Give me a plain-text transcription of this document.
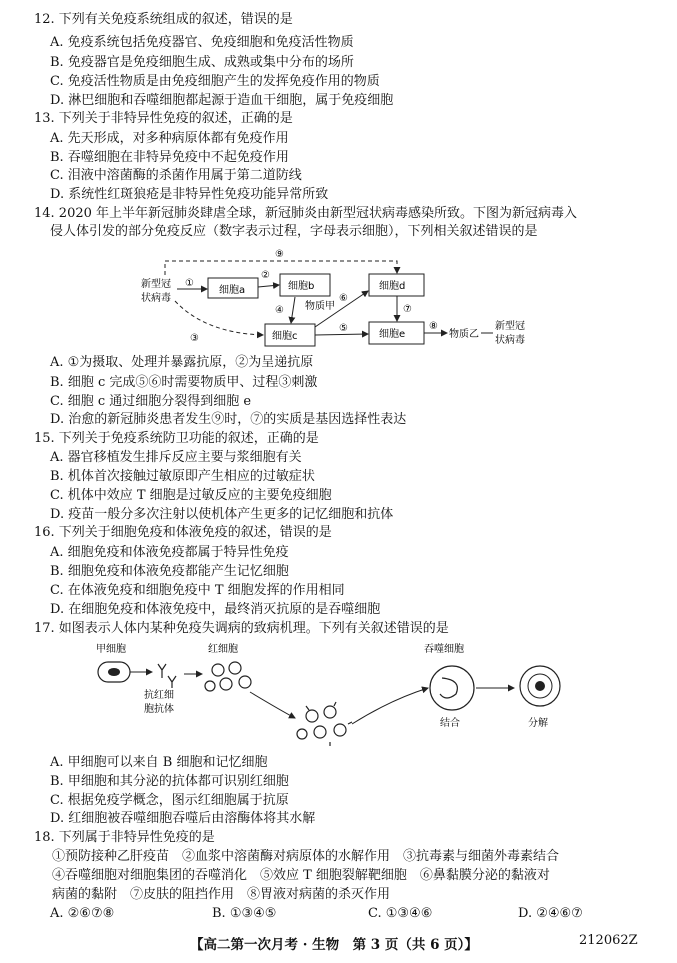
12. 下列有关免疫系统组成的叙述，错误的是
A. 免疫系统包括免疫器官、免疫细胞和免疫活性物质
B. 免疫器官是免疫细胞生成、成熟或集中分布的场所
C. 免疫活性物质是由免疫细胞产生的发挥免疫作用的物质
D. 淋巴细胞和吞噬细胞都起源于造血干细胞，属于免疫细胞
13. 下列关于非特异性免疫的叙述，正确的是
A. 先天形成，对多种病原体都有免疫作用
B. 吞噬细胞在非特异免疫中不起免疫作用
C. 泪液中溶菌酶的杀菌作用属于第二道防线
D. 系统性红斑狼疮是非特异性免疫功能异常所致
14. 2020 年上半年新冠肺炎肆虐全球，新冠肺炎由新型冠状病毒感染所致。下图为新冠病毒入
侵人体引发的部分免疫反应（数字表示过程，字母表示细胞），下列相关叙述错误的是
新型冠
状病毒
细胞a	细胞b
细胞c
细胞d
细胞e
物质甲
①
②
③
④
⑤
⑥
⑦
⑧
物质乙
新型冠
状病毒
⑨
A. ①为摄取、处理并暴露抗原，②为呈递抗原
B. 细胞 c 完成⑤⑥时需要物质甲、过程③刺激
C. 细胞 c 通过细胞分裂得到细胞 e
D. 治愈的新冠肺炎患者发生⑨时，⑦的实质是基因选择性表达
15. 下列关于免疫系统防卫功能的叙述，正确的是
A. 器官移植发生排斥反应主要与浆细胞有关
B. 机体首次接触过敏原即产生相应的过敏症状
C. 机体中效应 T 细胞是过敏反应的主要免疫细胞
D. 疫苗一般分多次注射以使机体产生更多的记忆细胞和抗体
16. 下列关于细胞免疫和体液免疫的叙述，错误的是
A. 细胞免疫和体液免疫都属于特异性免疫
B. 细胞免疫和体液免疫都能产生记忆细胞
C. 在体液免疫和细胞免疫中 T 细胞发挥的作用相同
D. 在细胞免疫和体液免疫中，最终消灭抗原的是吞噬细胞
17. 如图表示人体内某种免疫失调病的致病机理。下列有关叙述错误的是
甲细胞
抗红细
胞抗体
红细胞	吞噬细胞
结合	分解
A. 甲细胞可以来自 B 细胞和记忆细胞
B. 甲细胞和其分泌的抗体都可识别红细胞
C. 根据免疫学概念，图示红细胞属于抗原
D. 红细胞被吞噬细胞吞噬后由溶酶体将其水解
18. 下列属于非特异性免疫的是
①预防接种乙肝疫苗　②血浆中溶菌酶对病原体的水解作用　③抗毒素与细菌外毒素结合
④吞噬细胞对细胞集团的吞噬消化　⑤效应 T 细胞裂解靶细胞　⑥鼻黏膜分泌的黏液对
病菌的黏附　⑦皮肤的阻挡作用　⑧胃液对病菌的杀灭作用
A. ②⑥⑦⑧	B. ①③④⑤	C. ①③④⑥	D. ②④⑥⑦
【高二第一次月考 · 生物　第 3 页（共 6 页）】	212062Z
